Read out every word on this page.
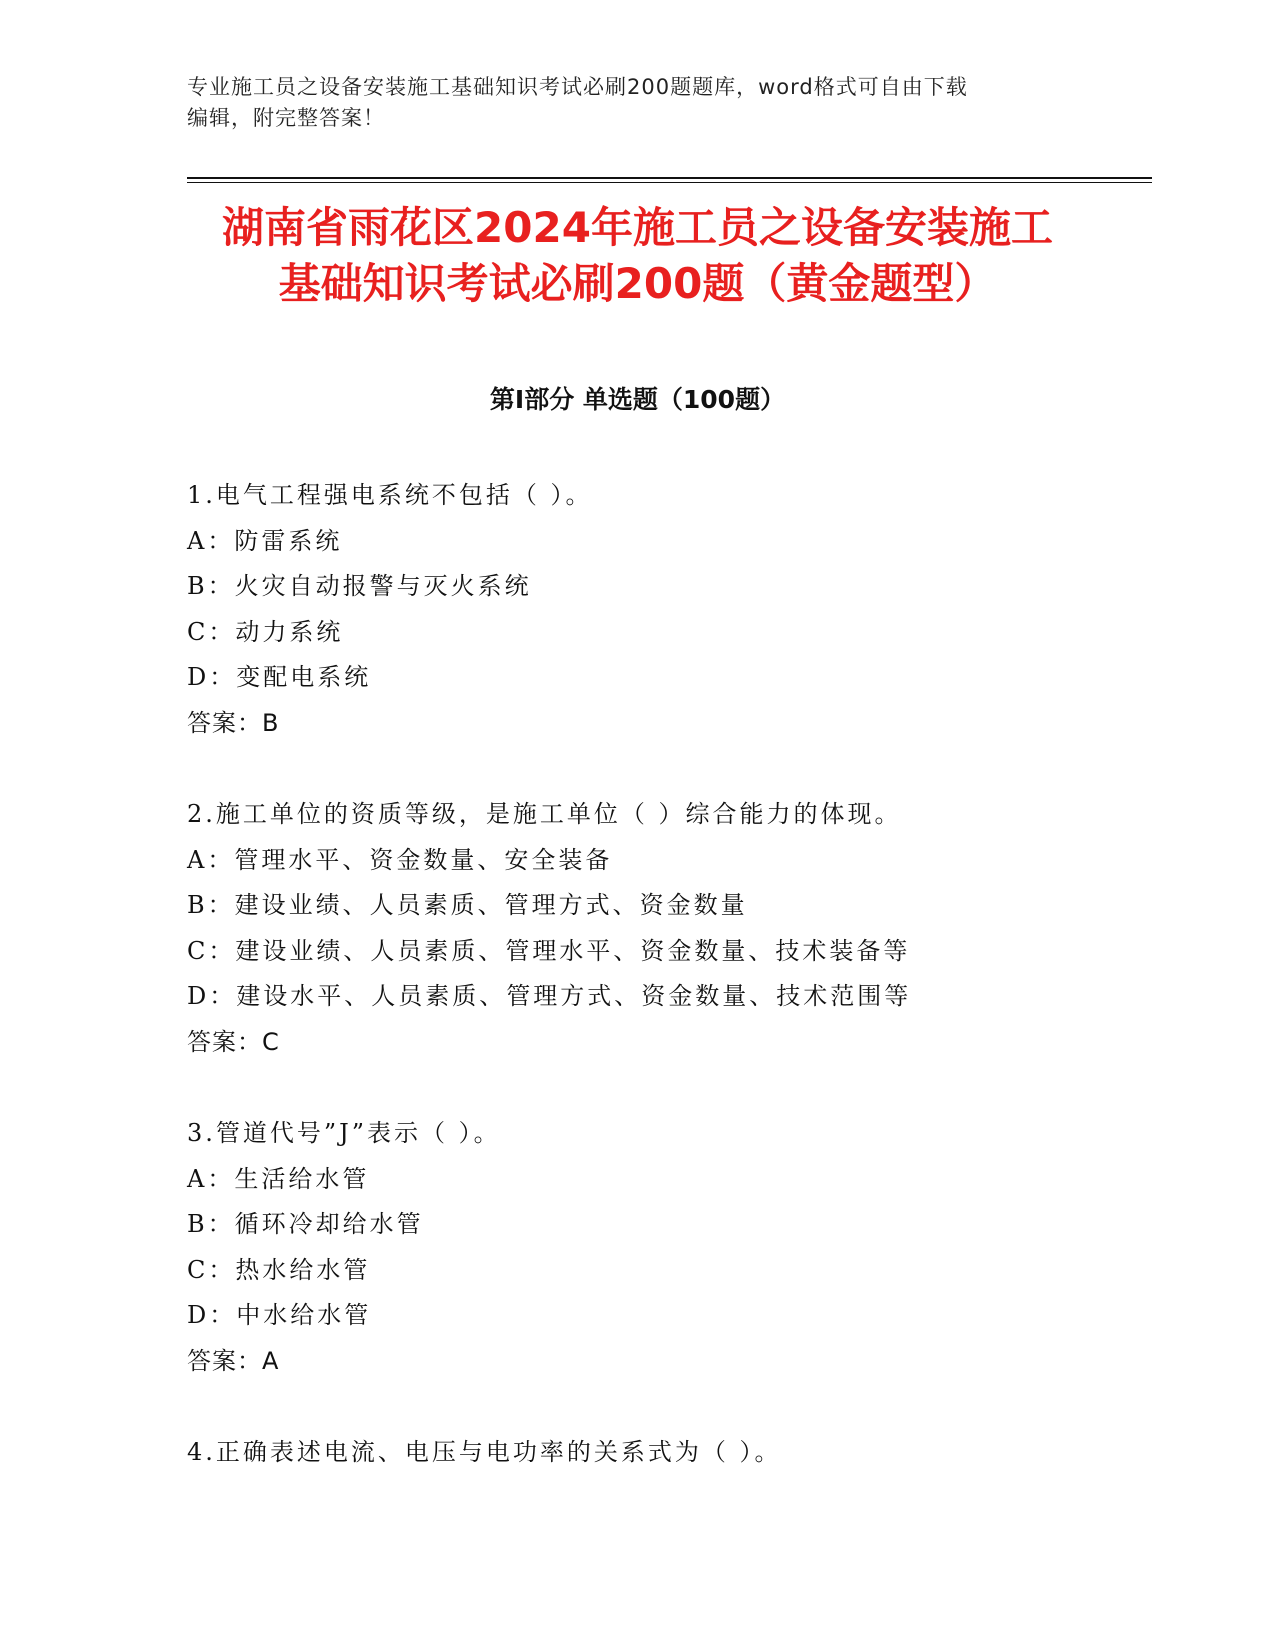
专业施工员之设备安装施工基础知识考试必刷200题题库，word格式可自由下载
编辑，附完整答案！
湖南省雨花区2024年施工员之设备安装施工
基础知识考试必刷200题（黄金题型）
第Ⅰ部分 单选题（100题）
1.电气工程强电系统不包括（ ）。
A：防雷系统
B：火灾自动报警与灭火系统
C：动力系统
D：变配电系统
答案：B
2.施工单位的资质等级，是施工单位（ ）综合能力的体现。
A：管理水平、资金数量、安全装备
B：建设业绩、人员素质、管理方式、资金数量
C：建设业绩、人员素质、管理水平、资金数量、技术装备等
D：建设水平、人员素质、管理方式、资金数量、技术范围等
答案：C
3.管道代号”J”表示（ ）。
A：生活给水管
B：循环冷却给水管
C：热水给水管
D：中水给水管
答案：A
4.正确表述电流、电压与电功率的关系式为（ ）。
